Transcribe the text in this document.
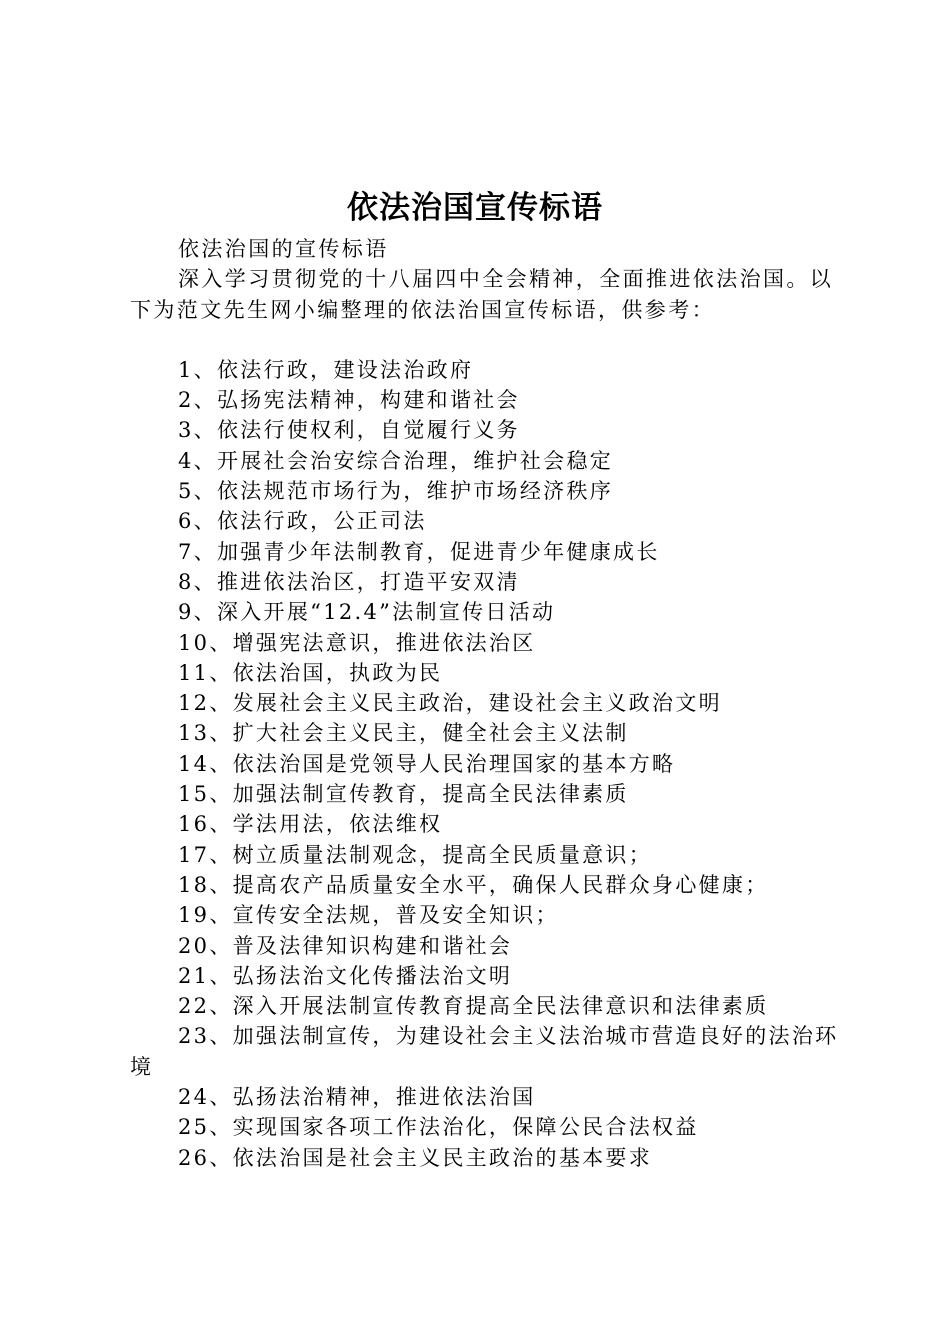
依法治国宣传标语

依法治国的宣传标语

深入学习贯彻党的十八届四中全会精神，全面推进依法治国。以下为范文先生网小编整理的依法治国宣传标语，供参考：

1、依法行政，建设法治政府

2、弘扬宪法精神，构建和谐社会

3、依法行使权利，自觉履行义务

4、开展社会治安综合治理，维护社会稳定

5、依法规范市场行为，维护市场经济秩序

6、依法行政，公正司法

7、加强青少年法制教育，促进青少年健康成长

8、推进依法治区，打造平安双清

9、深入开展“12.4”法制宣传日活动

10、增强宪法意识，推进依法治区

11、依法治国，执政为民

12、发展社会主义民主政治，建设社会主义政治文明

13、扩大社会主义民主，健全社会主义法制

14、依法治国是党领导人民治理国家的基本方略

15、加强法制宣传教育，提高全民法律素质

16、学法用法，依法维权

17、树立质量法制观念，提高全民质量意识；

18、提高农产品质量安全水平，确保人民群众身心健康；

19、宣传安全法规，普及安全知识；

20、普及法律知识构建和谐社会

21、弘扬法治文化传播法治文明

22、深入开展法制宣传教育提高全民法律意识和法律素质

23、加强法制宣传，为建设社会主义法治城市营造良好的法治环境

24、弘扬法治精神，推进依法治国

25、实现国家各项工作法治化，保障公民合法权益

26、依法治国是社会主义民主政治的基本要求
